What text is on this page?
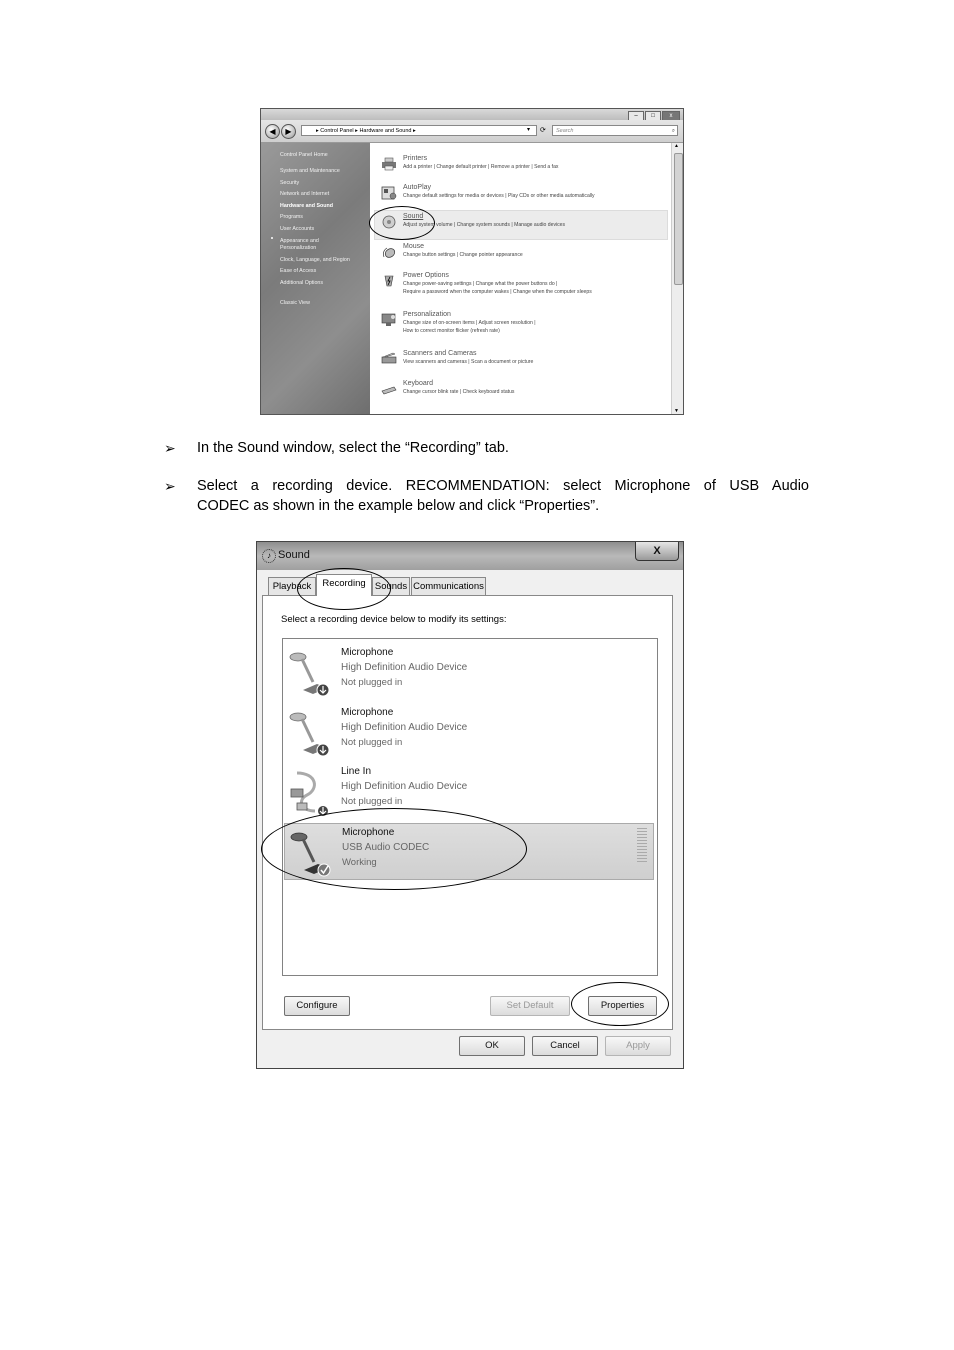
–	□	x
◀	▶	▸ Control Panel ▸ Hardware and Sound ▸	▾ ⟳	Search	⌕
Control Panel Home
System and Maintenance
Security
Network and Internet
Hardware and Sound
Programs
User Accounts
Appearance and
Personalization
Clock, Language, and Region
Ease of Access
Additional Options
Classic View
Printers
Add a printer | Change default printer | Remove a printer | Send a fax
AutoPlay
Change default settings for media or devices | Play CDs or other media automatically
Sound
Adjust system volume | Change system sounds | Manage audio devices
Mouse
Change button settings | Change pointer appearance
Power Options
Change power-saving settings | Change what the power buttons do |
Require a password when the computer wakes | Change when the computer sleeps
Personalization
Change size of on-screen items | Adjust screen resolution |
How to correct monitor flicker (refresh rate)
Scanners and Cameras
View scanners and cameras | Scan a document or picture
Keyboard
Change cursor blink rate | Check keyboard status
▲
▼
➢ In the Sound window, select the “Recording” tab.
➢ Select a recording device. RECOMMENDATION: select Microphone of USB Audio
CODEC as shown in the example below and click “Properties”.
♪ Sound	X
Playback	Recording Sounds Communications
Select a recording device below to modify its settings:
Microphone
High Definition Audio Device
Not plugged in
Microphone
High Definition Audio Device
Not plugged in
Line In
High Definition Audio Device
Not plugged in
Microphone
USB Audio CODEC
Working
Configure	Set Default	Properties
OK	Cancel	Apply
